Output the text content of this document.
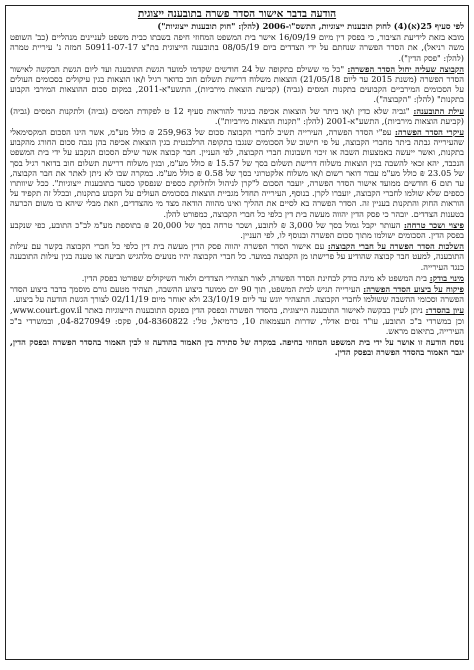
הודעה בדבר אישור הסדר פשרה בתובענה ייצוגית
לפי סעיף 25(א)(4) לחוק תובענות ייצוגיות, התשס"ו-2006 (להלן: "חוק תובענות ייצוגיות")
מובא בזאת לידיעת הציבור, כי בפסק דין מיום 16/09/19 אישר בית המשפט המחוזי חיפה בשבתו כבית משפט לעניינים מנהליים (כב' השופט משה רניאל), את הסדר הפשרה שנחתם על ידי הצדדים ביום 08/05/19 בתובענה הייצוגית בת"צ 50911-07-17 חמזה נ' עיריית טמרה (להלן: "פסק הדין").
הקבוצה שעליה יחול הסדר הפשרה: "כל מי ששילם בתקופה של 24 חודשים שקדמו למועד הגשת התובענה ועד ליום הגשת הבקשה לאישור הסדר הפשרה (משנת 2015 עד ליום 21/05/18) הוצאות משלוח דרישת תשלום חוב בדואר רגיל ו/או הוצאות בגין עיקולים בסכומים העולים על הסכומים המירביים הקבועים בתקנות המסים (גביה) (קביעת הוצאות מירביות), התשע"א-2011, במקום סכום ההוצאות המירבי הקבוע בתקנות" (להלן: "הקבוצה").
עילת התובענה: "גביה שלא כדין ו/או ביתר של הוצאות אכיפה בניגוד להוראות סעיף 12 ט לפקודת המסים (גביה) ולתקנות המסים (גביה) (קביעת הוצאות מירביות), התשע"א-2001 (להלן: "תקנות הוצאות מירביות").
עיקרי הסדר הפשרה: עפ"י הסדר הפשרה, העירייה תשיב לחברי הקבוצה סכום של 259,963 ₪ כולל מע"מ, אשר הינו הסכום המקסימאלי שהעירייה גבתה ביתר מחברי הקבוצה, על פי חישוב של הסכומים שנגבו בתקופה הרלבנטית בגין הוצאות אכיפה בהן נגבה סכום החורג מהקבוע בתקנות, ואשר ייעשה באמצעות השבה או זיכוי חשבונות חברי הקבוצה, לפי העניין. חבר קבוצה אשר שילם הסכום הנקבע על ידי בית המשפט הנכבד, יהא זכאי להשבה בגין הוצאות משלוח דרישת תשלום בסך של 15.57 ₪ כולל מע"מ, ובגין משלוח דרישת תשלום חוב בדואר רגיל בסך של 23.05 ₪ כולל מע"מ עבור דואר רשום ו/או משלוח אלקטרוני בסך של 0.58 ₪ כולל מע"מ. במקרה שבו לא ניתן לאתר את חבר הקבוצה, עד תום 6 חודשים ממועד אישור הסדר הפשרה, יועבר הסכום ל"קרן לניהול ולחלוקת כספים שנפסקו כסעד בתובענות ייצוגיות". ככל שיוותרו כספים שלא שולמו לחברי הקבוצה, יועברו לקרן. בנוסף, העירייה תחדל מגביית הוצאות בסכומים העולים על הקבוע בתקנות, ובכלל זה תקפיד על הוראות החוק והתקנות בעניין זה. הסדר הפשרה בא לסיים את ההליך ואינו מהווה הודאה מצד מי מהצדדים, וזאת מבלי שיהא בו משום הכרעה בטענות הצדדים. יובהר כי פסק הדין יהווה מעשה בית דין כלפי כל חברי הקבוצה, כמפורט להלן.
פיצוי ושכר טרחה: העותר יקבל גמול בסך של 3,000 ₪ לתובע, ושכר טרחה בסך של 20,000 ₪ בתוספת מע"מ לב"כ התובע, כפי שנקבע בפסק הדין. הסכומים ישולמו מתוך סכום הפשרה ובנוסף לו, לפי העניין.
השלכות הסדר הפשרה על חברי הקבוצה: עם אישור הסדר הפשרה יהווה פסק הדין מעשה בית דין כלפי כל חברי הקבוצה בקשר עם עילות התובענה, למעט חבר קבוצה שהודיע על פרישתו מן הקבוצה במועד. כל חברי הקבוצה יהיו מנועים מלהגיש תביעה או טענה בגין עילות התובענה כנגד העירייה.
מינוי בודק: בית המשפט לא מינה בודק לבחינת הסדר הפשרה, לאור תצהירי הצדדים ולאור השיקולים שפורטו בפסק הדין.
פיקוח על ביצוע הסדר הפשרה: העירייה תגיש לבית המשפט, תוך 90 יום ממועד ביצוע ההשבה, תצהיר מטעם גורם מוסמך בדבר ביצוע הסדר הפשרה וסכומי ההשבה ששולמו לחברי הקבוצה. התצהיר יוגש עד ליום 23/10/19 ולא יאוחר מיום 02/11/19 לצורך הגשת הודעה על ביצוע.
עיון בהסדר: ניתן לעיין בבקשה לאישור התובענה הייצוגית, בהסדר הפשרה ובפסק הדין בפנקס התובענות הייצוגיות באתר www.court.gov.il, וכן במשרדי ב"כ התובע, עו"ד נסים אדלר, שדרות העצמאות 10, כרמיאל, טל': 04-8360822, פקס: 04-8270949, ובמשרדי ב"כ העירייה, בתיאום מראש.
נוסח הודעה זו אושר על ידי בית המשפט המחוזי בחיפה. במקרה של סתירה בין האמור בהודעה זו לבין האמור בהסדר הפשרה ובפסק הדין, יגבר האמור בהסדר הפשרה ובפסק הדין.
